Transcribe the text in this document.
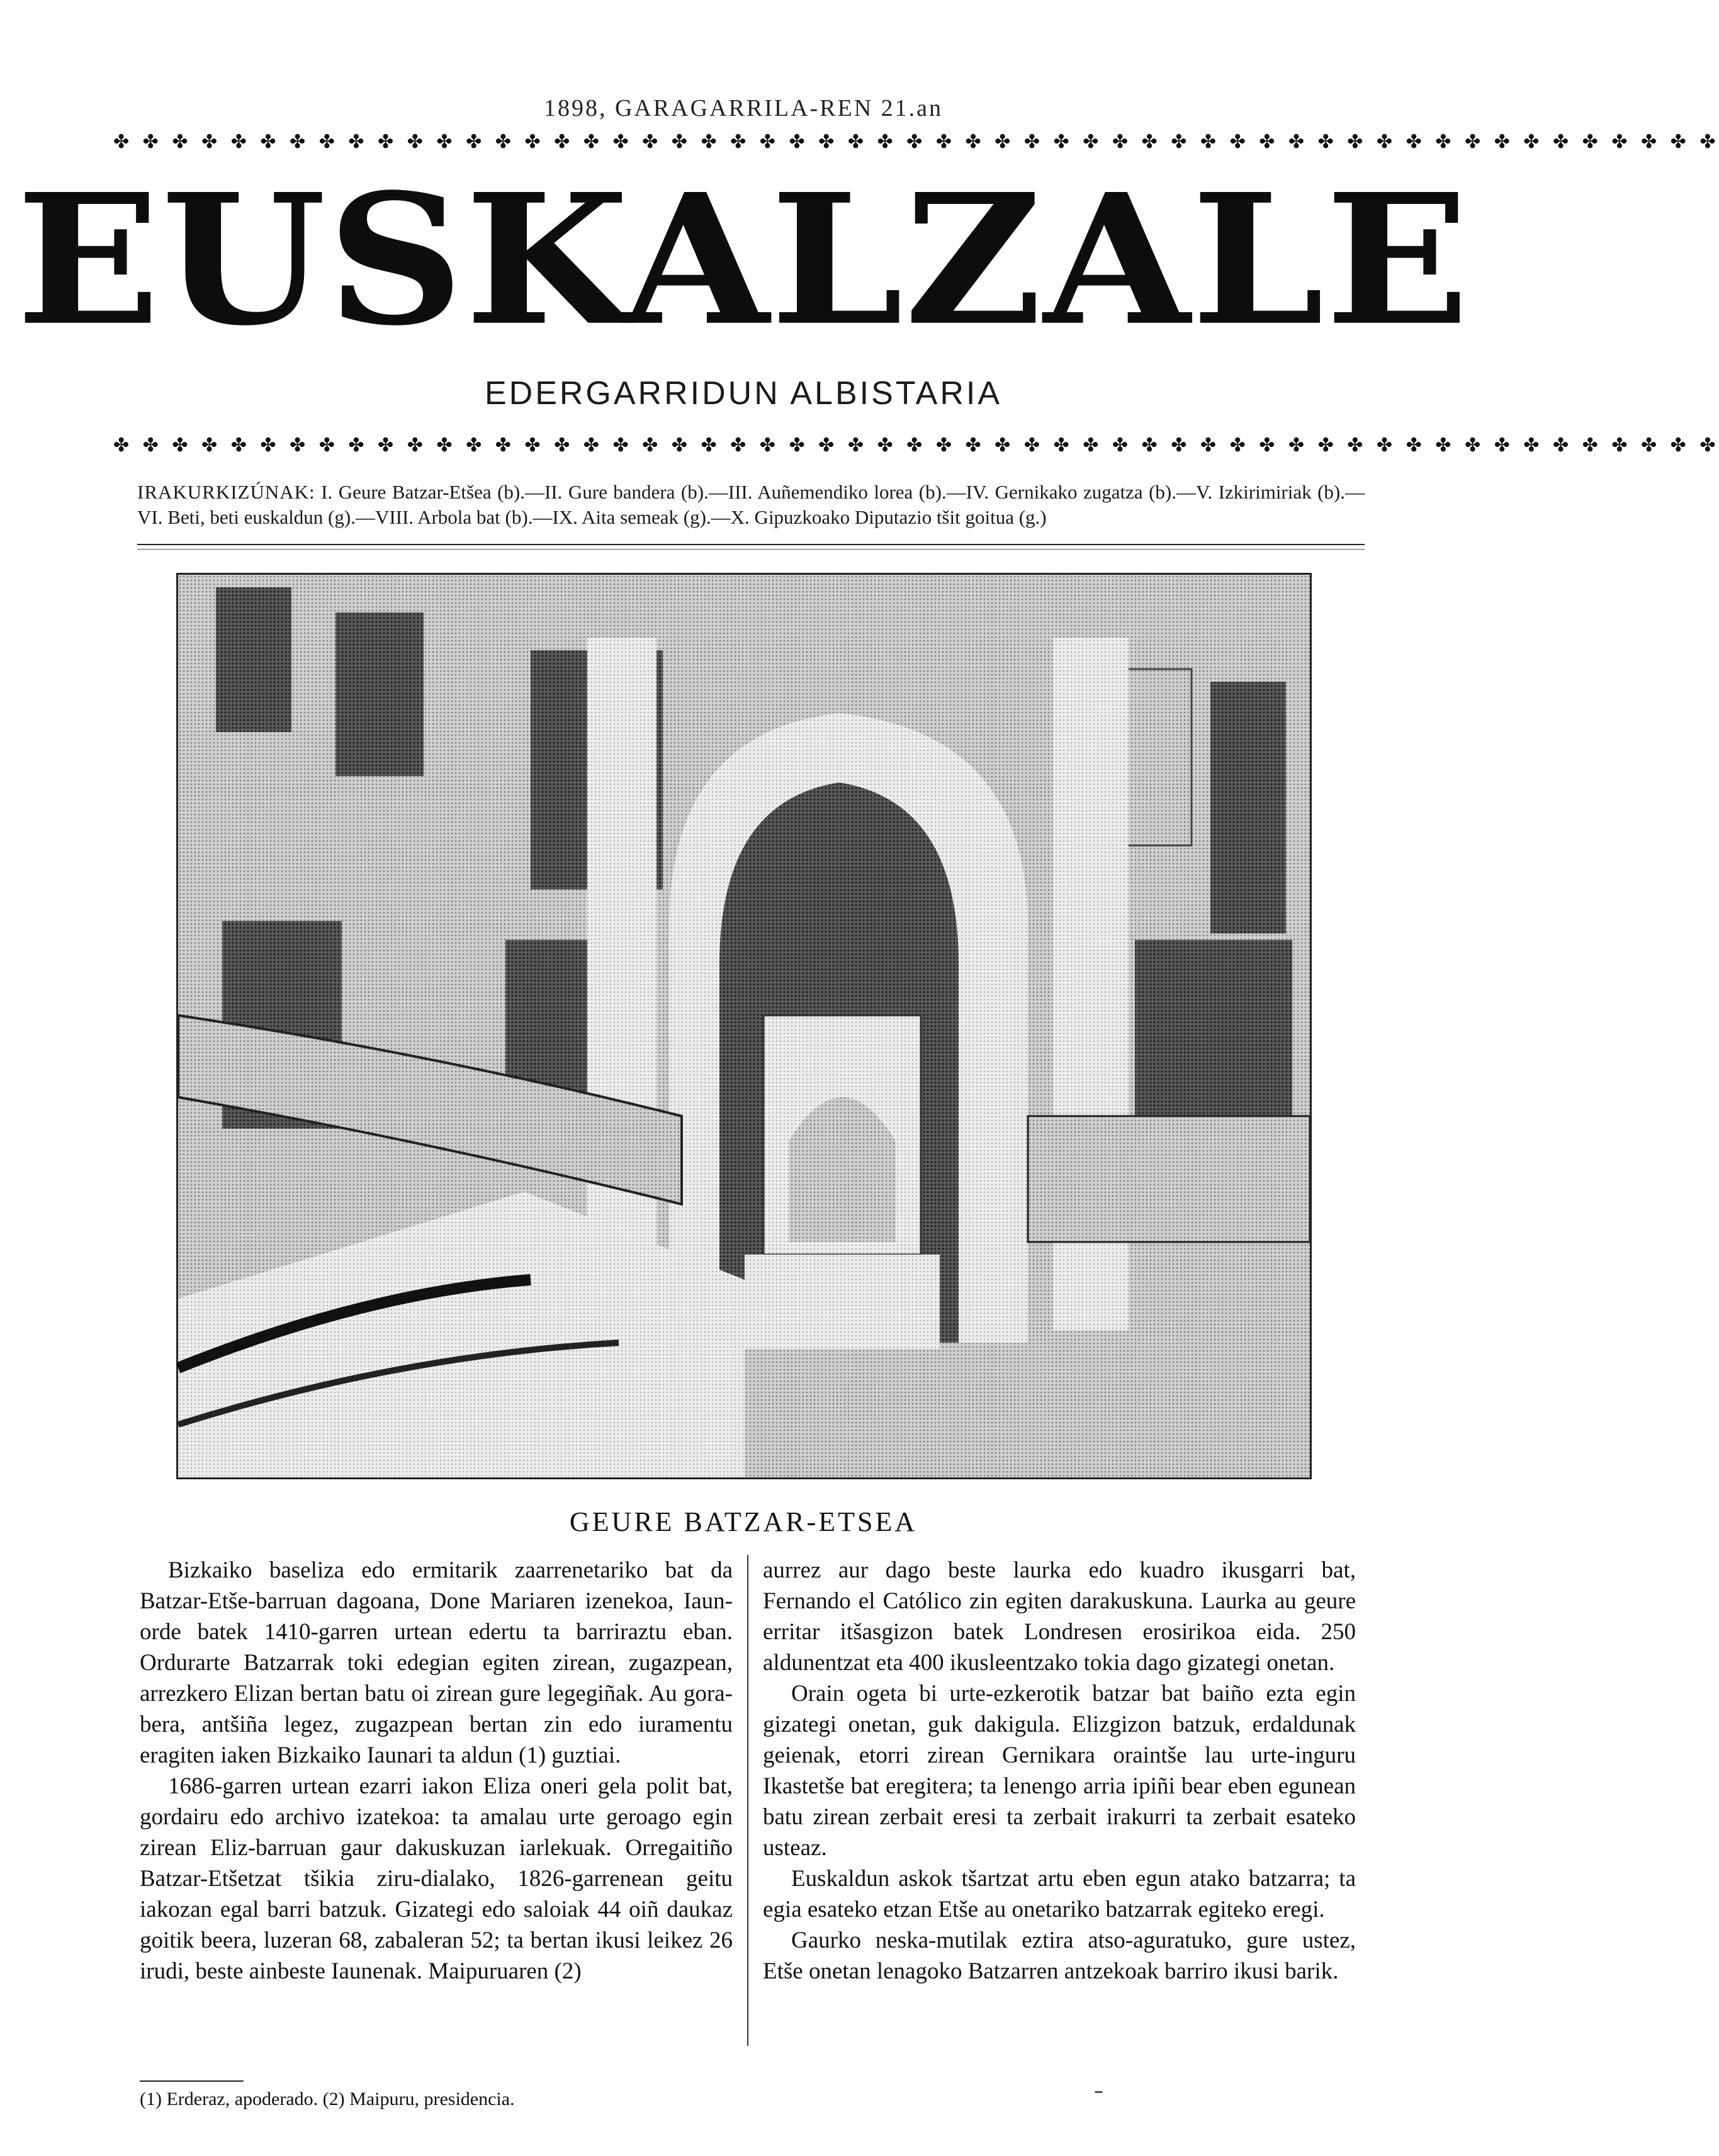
1898, GARAGARRILA-REN 21.an
✤ ✤ ✤ ✤ ✤ ✤ ✤ ✤ ✤ ✤ ✤ ✤ ✤ ✤ ✤ ✤ ✤ ✤ ✤ ✤ ✤ ✤ ✤ ✤ ✤ ✤ ✤ ✤ ✤ ✤ ✤ ✤ ✤ ✤ ✤ ✤ ✤ ✤ ✤ ✤ ✤ ✤ ✤ ✤ ✤ ✤ ✤ ✤ ✤ ✤ ✤ ✤ ✤ ✤ ✤
EUSKALZALE
EDERGARRIDUN ALBISTARIA
✤ ✤ ✤ ✤ ✤ ✤ ✤ ✤ ✤ ✤ ✤ ✤ ✤ ✤ ✤ ✤ ✤ ✤ ✤ ✤ ✤ ✤ ✤ ✤ ✤ ✤ ✤ ✤ ✤ ✤ ✤ ✤ ✤ ✤ ✤ ✤ ✤ ✤ ✤ ✤ ✤ ✤ ✤ ✤ ✤ ✤ ✤ ✤ ✤ ✤ ✤ ✤ ✤ ✤ ✤
IRAKURKIZÚNAK: I. Geure Batzar-Etšea (b).—II. Gure bandera (b).—III. Auñemendiko lorea (b).—IV. Gernikako zugatza (b).—V. Izkirimiriak (b).—VI. Beti, beti euskaldun (g).—VIII. Arbola bat (b).—IX. Aita semeak (g).—X. Gipuzkoako Diputazio tšit goitua (g.)
GEURE BATZAR-ETSEA

Bizkaiko baseliza edo ermitarik zaarrenetariko bat da Batzar-Etše-barruan dagoana, Done Mariaren izenekoa, Iaun-orde batek 1410-garren urtean edertu ta barriraztu eban. Ordurarte Batzarrak toki edegian egiten zirean, zugazpean, arrezkero Elizan bertan batu oi zirean gure legegiñak. Au gora-bera, antšiña legez, zugazpean bertan zin edo iuramentu eragiten iaken Bizkaiko Iaunari ta aldun (1) guztiai.

1686-garren urtean ezarri iakon Eliza oneri gela polit bat, gordairu edo archivo izatekoa: ta amalau urte geroago egin zirean Eliz-barruan gaur dakuskuzan iarlekuak. Orregaitiño Batzar-Etšetzat tšikia ziru-dialako, 1826-garrenean geitu iakozan egal barri batzuk. Gizategi edo saloiak 44 oiñ daukaz goitik beera, luzeran 68, zabaleran 52; ta bertan ikusi leikez 26 irudi, beste ainbeste Iaunenak. Maipuruaren (2)

aurrez aur dago beste laurka edo kuadro ikusgarri bat, Fernando el Católico zin egiten darakuskuna. Laurka au geure erritar itšasgizon batek Londresen erosirikoa eida. 250 aldunentzat eta 400 ikusleentzako tokia dago gizategi onetan.

Orain ogeta bi urte-ezkerotik batzar bat baiño ezta egin gizategi onetan, guk dakigula. Elizgizon batzuk, erdaldunak geienak, etorri zirean Gernikara oraintše lau urte-inguru Ikastetše bat eregitera; ta lenengo arria ipiñi bear eben egunean batu zirean zerbait eresi ta zerbait irakurri ta zerbait esateko usteaz.

Euskaldun askok tšartzat artu eben egun atako batzarra; ta egia esateko etzan Etše au onetariko batzarrak egiteko eregi.

Gaurko neska-mutilak eztira atso-aguratuko, gure ustez, Etše onetan lenagoko Batzarren antzekoak barriro ikusi barik.

(1) Erderaz, apoderado. (2) Maipuru, presidencia.	–
